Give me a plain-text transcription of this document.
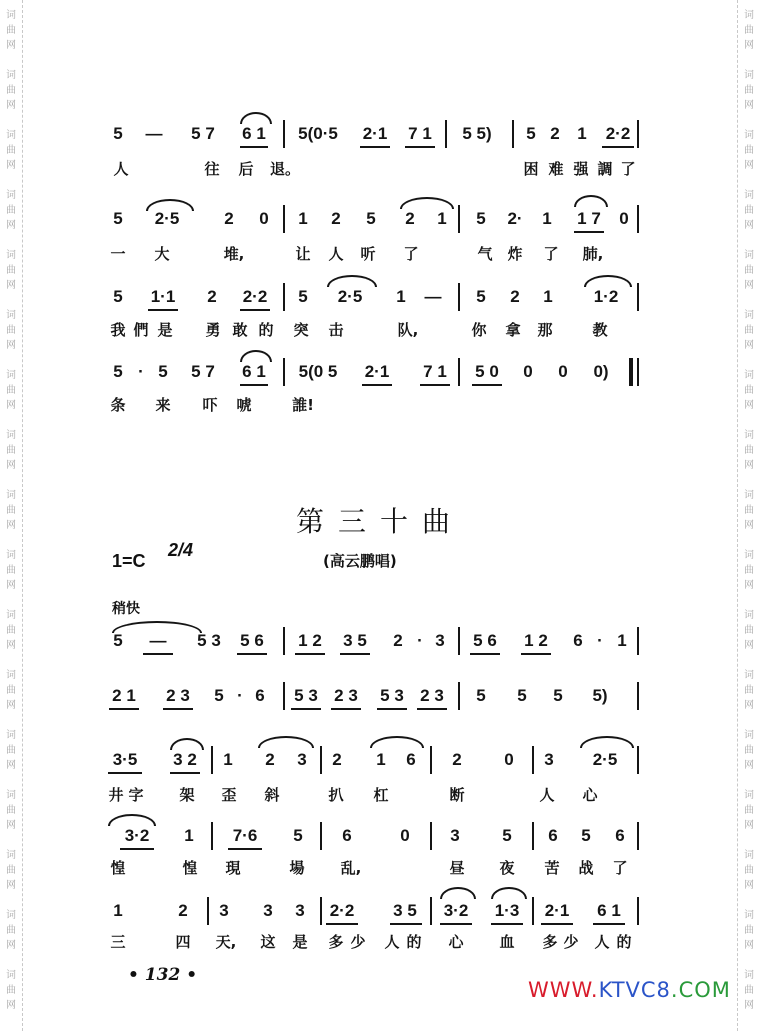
词
曲
网
词
曲
网
词
曲
网
词
曲
网
词
曲
网
词
曲
网
词
曲
网
词
曲
网
词
曲
网
词
曲
网
词
曲
网
词
曲
网
词
曲
网
词
曲
网
词
曲
网
词
曲
网
词
曲
网
词
曲
网
词
曲
网
词
曲
网
词
曲
网
词
曲
网
词
曲
网
词
曲
网
词
曲
网
词
曲
网
词
曲
网
词
曲
网
词
曲
网
词
曲
网
词
曲
网
词
曲
网
词
曲
网
词
曲
网
5 — 5 7 6 1 5(0·5 2·1 7 1 5 5) 5 2 1 2·2
人	往 后 退。	困 难 强 調 了
5 2·5	2 0 1 2 5 2 1 5 2· 1 1 7 0
一 大	堆,	让 人 听 了	气 炸 了 肺,
5 1·1 2 2·2 5 2·5 1 — 5 2 1 1·2
我 們 是 勇 敢 的 突 击	队,	你 拿 那	教
5 · 5 5 7 6 1 5(0 5 2·1 7 1 5 0 0 0 0)
条 来 吓 唬	誰!
第三十曲
1=C
2/4
(高云鹏唱)
稍快
5 — 5 3 5 6 1 2 3 5 2 · 3 5 6 1 2 6 · 1
2 1 2 3 5 · 6 5 3 2 3 5 3 2 3 5 5 5 5)
3·5 3 2 1 2 3 2 1 6 2	0 3 2·5
井 字 架 歪 斜	扒 杠	断	人 心
3·2 1 7·6 5 6	0 3	5 6 5 6
惶	惶 現	場 乱,	昼 夜 苦 战 了
1	2 3 3 3 2·2 3 5 3·2 1·3 2·1 6 1
三	四 天, 这 是 多 少 人 的 心 血 多 少 人 的
• 132 •
WWW.KTVC8.COM
